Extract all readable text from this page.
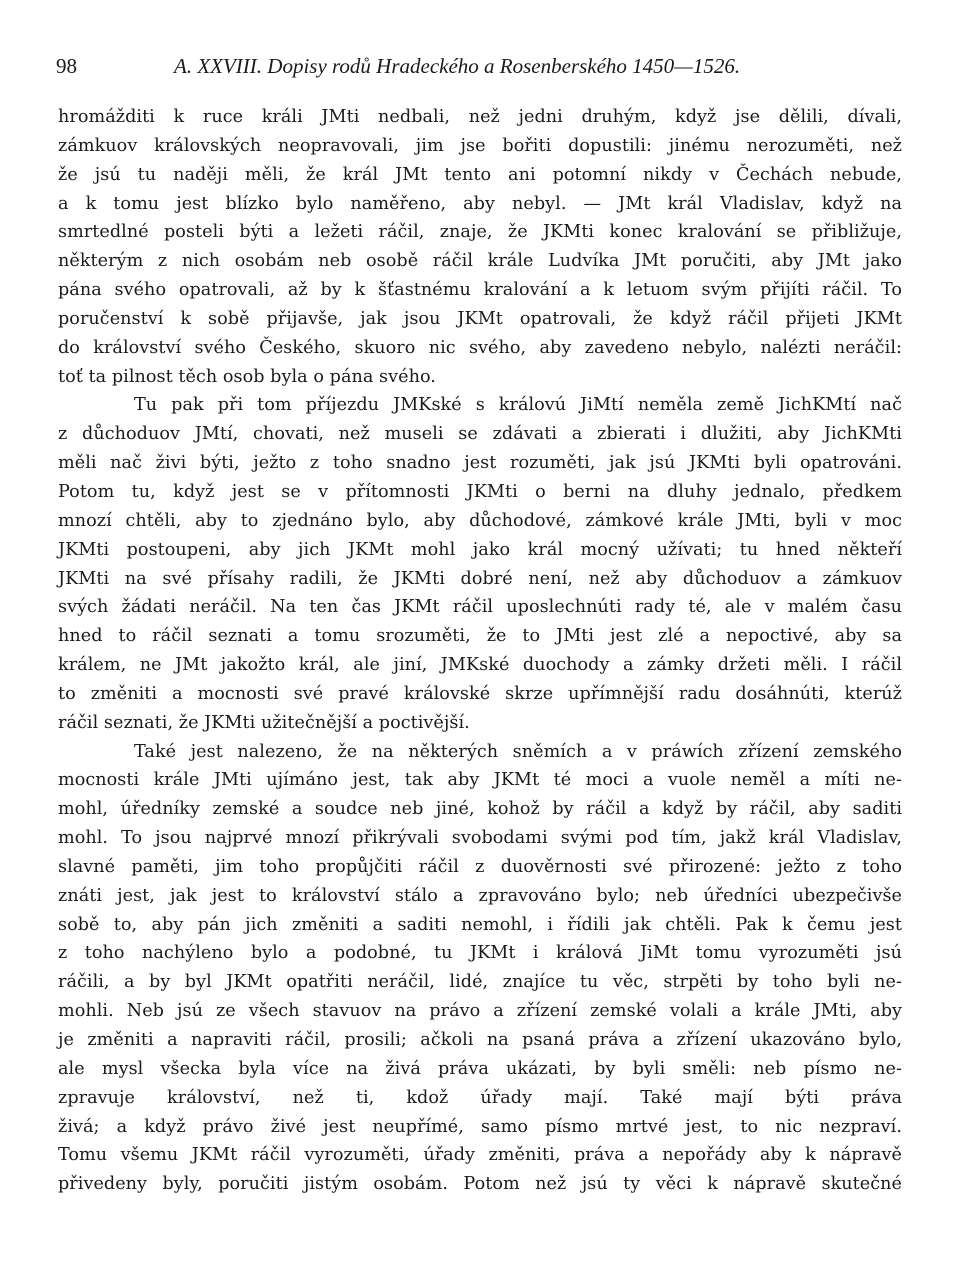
98	A. XXVIII. Dopisy rodů Hradeckého a Rosenberského 1450—1526.
hromážditi k ruce králi JMti nedbali, než jedni druhým, když jse dělili, dívali,
zámkuov královských neopravovali, jim jse bořiti dopustili: jinému nerozuměti, než
že jsú tu naději měli, že král JMt tento ani potomní nikdy v Čechách nebude,
a k tomu jest blízko bylo naměřeno, aby nebyl. — JMt král Vladislav, když na
smrtedlné posteli býti a ležeti ráčil, znaje, že JKMti konec kralování se přibližuje,
některým z nich osobám neb osobě ráčil krále Ludvíka JMt poručiti, aby JMt jako
pána svého opatrovali, až by k šťastnému kralování a k letuom svým přijíti ráčil. To
poručenství k sobě přijavše, jak jsou JKMt opatrovali, že když ráčil přijeti JKMt
do království svého Českého, skuoro nic svého, aby zavedeno nebylo, nalézti neráčil:
toť ta pilnost těch osob byla o pána svého.
Tu pak při tom příjezdu JMKské s královú JiMtí neměla země JichKMtí nač
z důchoduov JMtí, chovati, než museli se zdávati a zbierati i dlužiti, aby JichKMti
měli nač živi býti, ježto z toho snadno jest rozuměti, jak jsú JKMti byli opatrováni.
Potom tu, když jest se v přítomnosti JKMti o berni na dluhy jednalo, předkem
mnozí chtěli, aby to zjednáno bylo, aby důchodové, zámkové krále JMti, byli v moc
JKMti postoupeni, aby jich JKMt mohl jako král mocný užívati; tu hned někteří
JKMti na své přísahy radili, že JKMti dobré není, než aby důchoduov a zámkuov
svých žádati neráčil. Na ten čas JKMt ráčil uposlechnúti rady té, ale v malém času
hned to ráčil seznati a tomu srozuměti, že to JMti jest zlé a nepoctivé, aby sa
králem, ne JMt jakožto král, ale jiní, JMKské duochody a zámky držeti měli. I ráčil
to změniti a mocnosti své pravé královské skrze upřímnější radu dosáhnúti, kterúž
ráčil seznati, že JKMti užitečnější a poctivější.
Také jest nalezeno, že na některých sněmích a v práwích zřízení zemského
mocnosti krále JMti ujímáno jest, tak aby JKMt té moci a vuole neměl a míti ne-
mohl, úředníky zemské a soudce neb jiné, kohož by ráčil a když by ráčil, aby saditi
mohl. To jsou najprvé mnozí přikrývali svobodami svými pod tím, jakž král Vladislav,
slavné paměti, jim toho propůjčiti ráčil z duověrnosti své přirozené: ježto z toho
znáti jest, jak jest to království stálo a zpravováno bylo; neb úředníci ubezpečivše
sobě to, aby pán jich změniti a saditi nemohl, i řídili jak chtěli. Pak k čemu jest
z toho nachýleno bylo a podobné, tu JKMt i králová JiMt tomu vyrozuměti jsú
ráčili, a by byl JKMt opatřiti neráčil, lidé, znajíce tu věc, strpěti by toho byli ne-
mohli. Neb jsú ze všech stavuov na právo a zřízení zemské volali a krále JMti, aby
je změniti a napraviti ráčil, prosili; ačkoli na psaná práva a zřízení ukazováno bylo,
ale mysl všecka byla více na živá práva ukázati, by byli směli: neb písmo ne-
zpravuje království, než ti, kdož úřady mají. Také mají býti práva
živá; a když právo živé jest neupřímé, samo písmo mrtvé jest, to nic nezpraví.
Tomu všemu JKMt ráčil vyrozuměti, úřady změniti, práva a nepořády aby k nápravě
přivedeny byly, poručiti jistým osobám. Potom než jsú ty věci k nápravě skutečné
